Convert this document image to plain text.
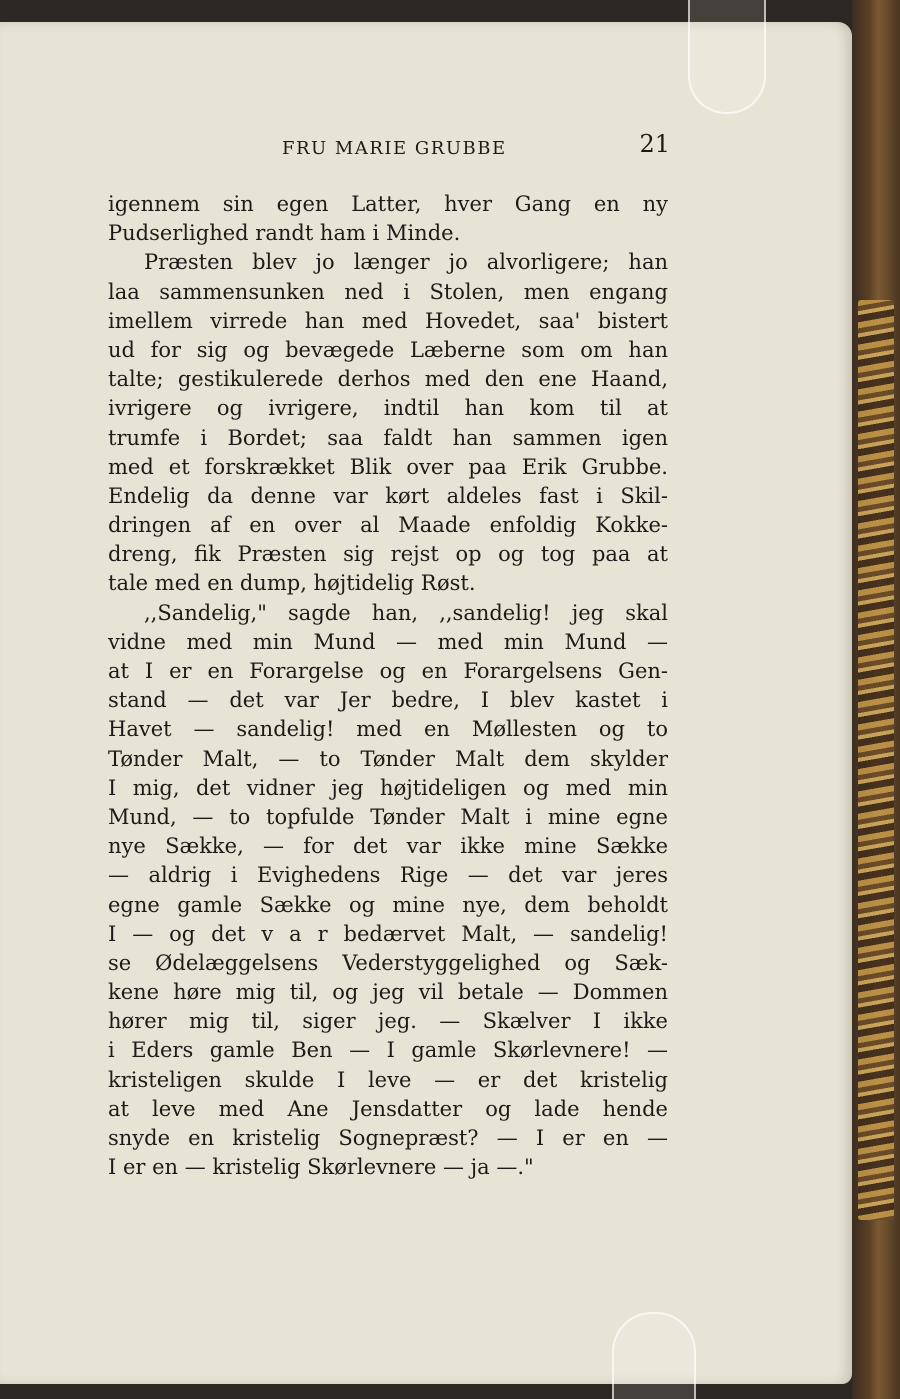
FRU MARIE GRUBBE	21
igennem sin egen Latter, hver Gang en ny
Pudserlighed randt ham i Minde.
Præsten blev jo længer jo alvorligere; han
laa sammensunken ned i Stolen, men engang
imellem virrede han med Hovedet, saa' bistert
ud for sig og bevægede Læberne som om han
talte; gestikulerede derhos med den ene Haand,
ivrigere og ivrigere, indtil han kom til at
trumfe i Bordet; saa faldt han sammen igen
med et forskrækket Blik over paa Erik Grubbe.
Endelig da denne var kørt aldeles fast i Skil-
dringen af en over al Maade enfoldig Kokke-
dreng, fik Præsten sig rejst op og tog paa at
tale med en dump, højtidelig Røst.
,,Sandelig," sagde han, ,,sandelig! jeg skal
vidne med min Mund — med min Mund —
at I er en Forargelse og en Forargelsens Gen-
stand — det var Jer bedre, I blev kastet i
Havet — sandelig! med en Møllesten og to
Tønder Malt, — to Tønder Malt dem skylder
I mig, det vidner jeg højtideligen og med min
Mund, — to topfulde Tønder Malt i mine egne
nye Sække, — for det var ikke mine Sække
— aldrig i Evighedens Rige — det var jeres
egne gamle Sække og mine nye, dem beholdt
I — og det v a r bedærvet Malt, — sandelig!
se Ødelæggelsens Vederstyggelighed og Sæk-
kene høre mig til, og jeg vil betale — Dommen
hører mig til, siger jeg. — Skælver I ikke
i Eders gamle Ben — I gamle Skørlevnere! —
kristeligen skulde I leve — er det kristelig
at leve med Ane Jensdatter og lade hende
snyde en kristelig Sognepræst? — I er en —
I er en — kristelig Skørlevnere — ja —."
